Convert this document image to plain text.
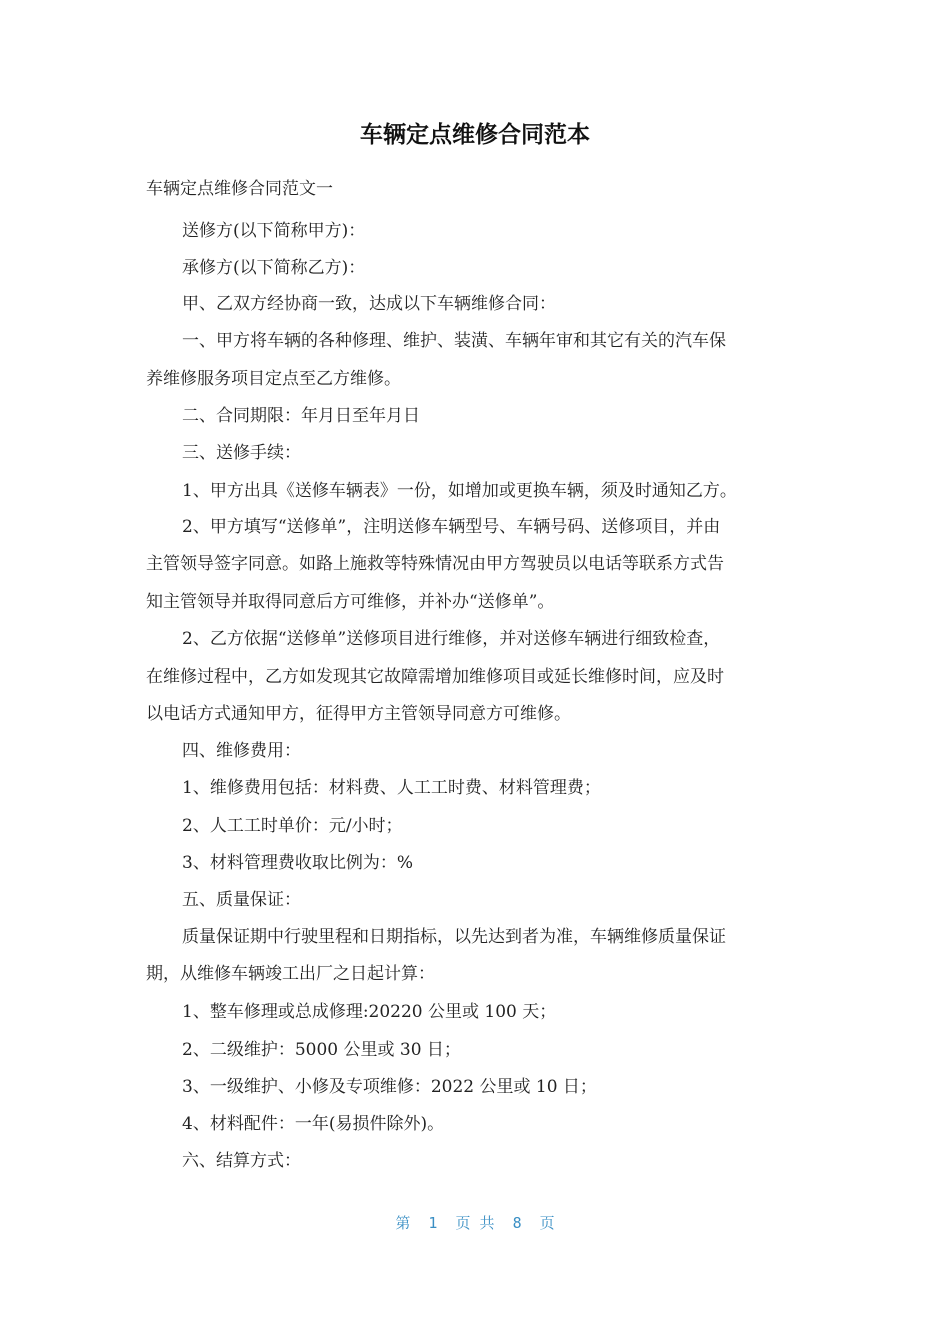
车辆定点维修合同范本
车辆定点维修合同范文一
送修方(以下简称甲方)：
承修方(以下简称乙方)：
甲、乙双方经协商一致，达成以下车辆维修合同：
一、甲方将车辆的各种修理、维护、装潢、车辆年审和其它有关的汽车保
养维修服务项目定点至乙方维修。
二、合同期限：年月日至年月日
三、送修手续：
1、甲方出具《送修车辆表》一份，如增加或更换车辆，须及时通知乙方。
2、甲方填写“送修单”，注明送修车辆型号、车辆号码、送修项目，并由
主管领导签字同意。如路上施救等特殊情况由甲方驾驶员以电话等联系方式告
知主管领导并取得同意后方可维修，并补办“送修单”。
2、乙方依据“送修单”送修项目进行维修，并对送修车辆进行细致检查，
在维修过程中，乙方如发现其它故障需增加维修项目或延长维修时间，应及时
以电话方式通知甲方，征得甲方主管领导同意方可维修。
四、维修费用：
1、维修费用包括：材料费、人工工时费、材料管理费；
2、人工工时单价：元/小时；
3、材料管理费收取比例为：%
五、质量保证：
质量保证期中行驶里程和日期指标，以先达到者为准，车辆维修质量保证
期，从维修车辆竣工出厂之日起计算：
1、整车修理或总成修理:20220 公里或 100 天；
2、二级维护：5000 公里或 30 日；
3、一级维护、小修及专项维修：2022 公里或 10 日；
4、材料配件：一年(易损件除外)。
六、结算方式：
第  1  页 共  8  页
